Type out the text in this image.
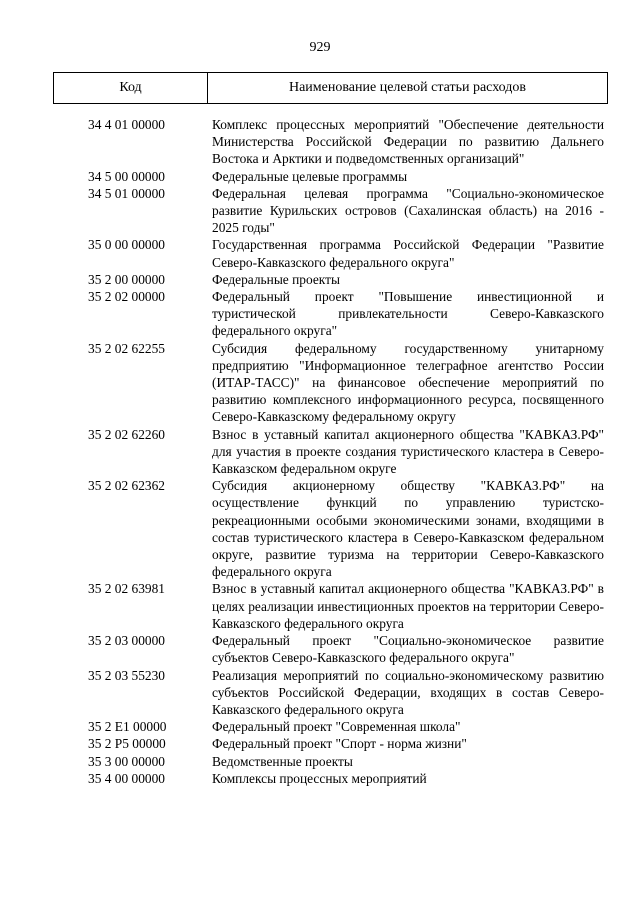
929
Код	Наименование целевой статьи расходов
34 4 01 00000	Комплекс процессных мероприятий "Обеспечение деятельности Министерства Российской Федерации по развитию Дальнего Востока и Арктики и подведомственных организаций"
34 5 00 00000	Федеральные целевые программы
34 5 01 00000	Федеральная целевая программа "Социально-экономическое развитие Курильских островов (Сахалинская область) на 2016 - 2025 годы"
35 0 00 00000	Государственная программа Российской Федерации "Развитие Северо-Кавказского федерального округа"
35 2 00 00000	Федеральные проекты
35 2 02 00000	Федеральный проект "Повышение инвестиционной и туристической привлекательности Северо-Кавказского федерального округа"
35 2 02 62255	Субсидия федеральному государственному унитарному предприятию "Информационное телеграфное агентство России (ИТАР-ТАСС)" на финансовое обеспечение мероприятий по развитию комплексного информационного ресурса, посвященного Северо-Кавказскому федеральному округу
35 2 02 62260	Взнос в уставный капитал акционерного общества "КАВКАЗ.РФ" для участия в проекте создания туристического кластера в Северо-Кавказском федеральном округе
35 2 02 62362	Субсидия акционерному обществу "КАВКАЗ.РФ" на осуществление функций по управлению туристско-рекреационными особыми экономическими зонами, входящими в состав туристического кластера в Северо-Кавказском федеральном округе, развитие туризма на территории Северо-Кавказского федерального округа
35 2 02 63981	Взнос в уставный капитал акционерного общества "КАВКАЗ.РФ" в целях реализации инвестиционных проектов на территории Северо-Кавказского федерального округа
35 2 03 00000	Федеральный проект "Социально-экономическое развитие субъектов Северо-Кавказского федерального округа"
35 2 03 55230	Реализация мероприятий по социально-экономическому развитию субъектов Российской Федерации, входящих в состав Северо-Кавказского федерального округа
35 2 E1 00000	Федеральный проект "Современная школа"
35 2 P5 00000	Федеральный проект "Спорт - норма жизни"
35 3 00 00000	Ведомственные проекты
35 4 00 00000	Комплексы процессных мероприятий
